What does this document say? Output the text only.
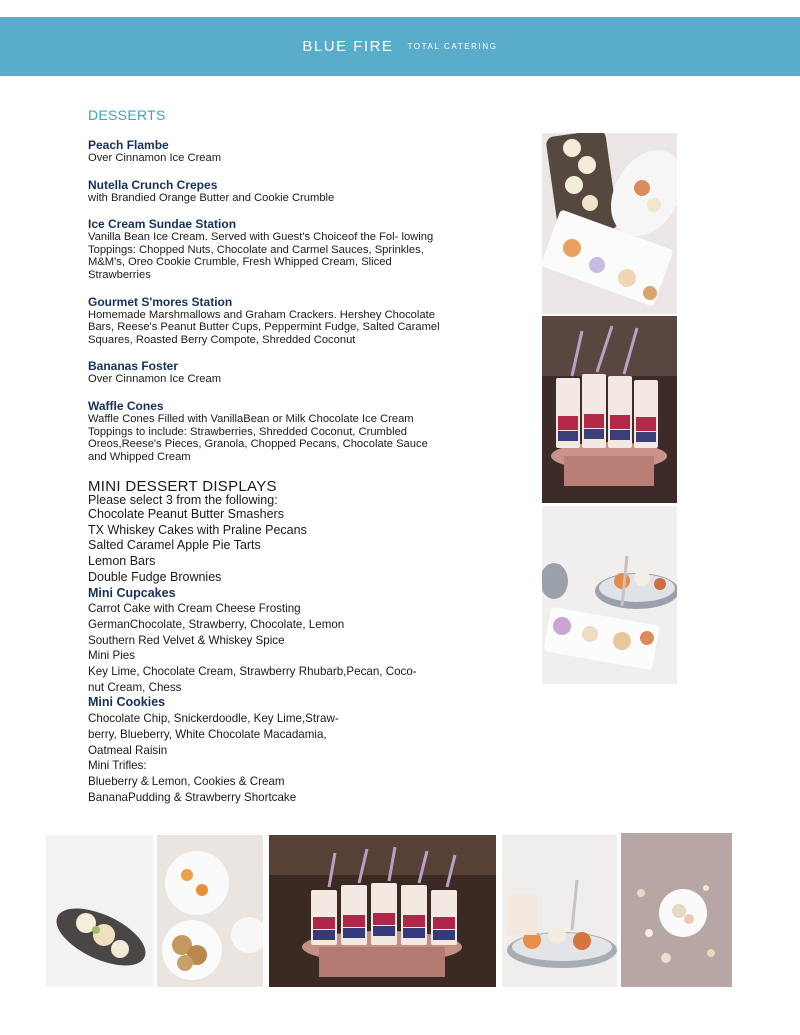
BLUE FIRE TOTAL CATERING
DESSERTS
Peach Flambe
Over Cinnamon Ice Cream
Nutella Crunch Crepes
with Brandied Orange Butter and Cookie Crumble
Ice Cream Sundae Station
Vanilla Bean Ice Cream. Served with Guest's Choiceof the Fol- lowing Toppings: Chopped Nuts, Chocolate and Carmel Sauces, Sprinkles, M&M's, Oreo Cookie Crumble, Fresh Whipped Cream, Sliced Strawberries
Gourmet S'mores Station
Homemade Marshmallows and Graham Crackers. Hershey Chocolate Bars, Reese's Peanut Butter Cups, Peppermint Fudge, Salted Caramel Squares, Roasted Berry Compote, Shredded Coconut
Bananas Foster
Over Cinnamon Ice Cream
Waffle Cones
Waffle Cones Filled with VanillaBean or Milk Chocolate Ice Cream Toppings to include: Strawberries, Shredded Coconut, Crumbled Oreos,Reese's Pieces, Granola, Chopped Pecans, Chocolate Sauce and Whipped Cream
MINI DESSERT DISPLAYS
Please select 3 from the following:
Chocolate Peanut Butter Smashers
TX Whiskey Cakes with Praline Pecans
Salted Caramel Apple Pie Tarts
Lemon Bars
Double Fudge Brownies
Mini Cupcakes
Carrot Cake with Cream Cheese Frosting
GermanChocolate, Strawberry, Chocolate, Lemon
Southern Red Velvet & Whiskey Spice
Mini Pies
Key Lime, Chocolate Cream, Strawberry Rhubarb,Pecan, Coco-
nut Cream, Chess
Mini Cookies
Chocolate Chip, Snickerdoodle, Key Lime,Straw-
berry, Blueberry, White Chocolate Macadamia,
Oatmeal Raisin
Mini Trifles:
Blueberry & Lemon, Cookies & Cream
BananaPudding & Strawberry Shortcake
